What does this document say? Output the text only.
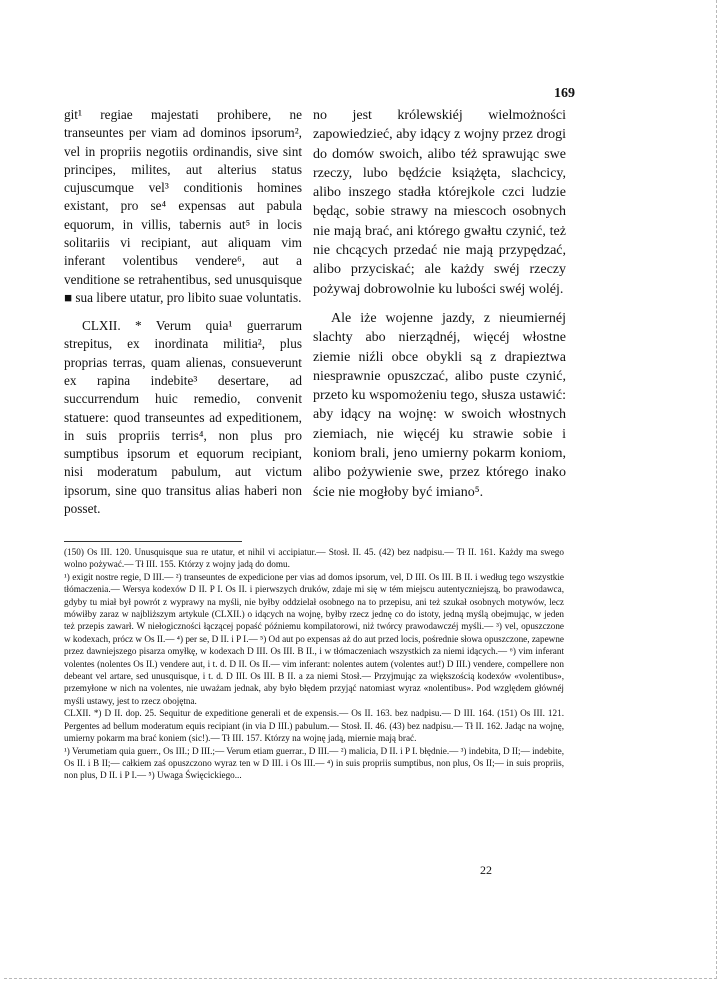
169

git¹ regiae majestati prohibere, ne transeuntes per viam ad dominos ipsorum², vel in propriis negotiis ordinandis, sive sint principes, milites, aut alterius status cujuscumque vel³ conditionis homines existant, pro se⁴ expensas aut pabula equorum, in villis, tabernis aut⁵ in locis solitariis vi recipiant, aut aliquam vim inferant volentibus vendere⁶, aut a venditione se retrahentibus, sed unusquisque ■ sua libere utatur, pro libito suae voluntatis.

CLXII. * Verum quia¹ guerrarum strepitus, ex inordinata militia², plus proprias terras, quam alienas, consueverunt ex rapina indebite³ desertare, ad succurrendum huic remedio, convenit statuere: quod transeuntes ad expeditionem, in suis propriis terris⁴, non plus pro sumptibus ipsorum et equorum recipiant, nisi moderatum pabulum, aut victum ipsorum, sine quo transitus alias haberi non posset.

no jest królewskiéj wielmożności zapowiedzieć, aby idący z wojny przez drogi do domów swoich, alibo téż sprawując swe rzeczy, lubo będźcie książęta, slachcicy, alibo inszego stadła którejkole czci ludzie będąc, sobie strawy na miescoch osobnych nie mają brać, ani którego gwałtu czynić, też nie chcących przedać nie mają przypędzać, alibo przyciskać; ale każdy swéj rzeczy pożywaj dobrowolnie ku lubości swéj woléj.

Ale iże wojenne jazdy, z nieumiernéj slachty abo nierządnéj, więcéj włostne ziemie niźli obce obykli są z drapieztwa niesprawnie opuszczać, alibo puste czynić, przeto ku wspomożeniu tego, słusza ustawić: aby idący na wojnę: w swoich włostnych ziemiach, nie więcéj ku strawie sobie i koniom brali, jeno umierny pokarm koniom, alibo pożywienie swe, przez którego inako ście nie mogłoby być imiano⁵.

(150) Os III. 120. Unusquisque sua re utatur, et nihil vi accipiatur.— Stosł. II. 45. (42) bez nadpisu.— Tł II. 161. Każdy ma swego wolno pożywać.— Tł III. 155. Którzy z wojny jadą do domu.

¹) exigit nostre regie, D III.— ²) transeuntes de expedicione per vias ad domos ipsorum, vel, D III. Os III. B II. i według tego wszystkie tłómaczenia.— Wersya kodexów D II. P I. Os II. i pierwszych druków, zdaje mi się w tém miejscu autentyczniejszą, bo prawodawca, gdyby tu miał był powrót z wyprawy na myśli, nie byłby oddzielał osobnego na to przepisu, ani też szukał osobnych motywów, lecz mówiłby zaraz w najbliższym artykule (CLXII.) o idących na wojnę, byłby rzecz jednę co do istoty, jedną myślą obejmując, w jeden też przepis zawarł. W niełogiczności łączącej popaść późniemu kompilatorowi, niż twórcy prawodawczéj myśli.— ³) vel, opuszczone w kodexach, prócz w Os II.— ⁴) per se, D II. i P I.— ⁵) Od aut po expensas aż do aut przed locis, pośrednie słowa opuszczone, zapewne przez dawniejszego pisarza omyłkę, w kodexach D III. Os III. B II., i w tłómaczeniach wszystkich za niemi idących.— ⁶) vim inferant volentes (nolentes Os II.) vendere aut, i t. d. D II. Os II.— vim inferant: nolentes autem (volentes aut!) D III.) vendere, compellere non debeant vel artare, sed unusquisque, i t. d. D III. Os III. B II. a za niemi Stosł.— Przyjmując za większością kodexów «volentibus», przemyłone w nich na volentes, nie uważam jednak, aby było błędem przyjąć natomiast wyraz «nolentibus». Pod względem głównéj myśli ustawy, jest to rzecz obojętna.

CLXII. *) D II. dop. 25. Sequitur de expeditione generali et de expensis.— Os II. 163. bez nadpisu.— D III. 164. (151) Os III. 121. Pergentes ad bellum moderatum equis recipiant (in via D III.) pabulum.— Stosł. II. 46. (43) bez nadpisu.— Tł II. 162. Jadąc na wojnę, umierny pokarm ma brać koniem (sic!).— Tł III. 157. Którzy na wojnę jadą, miernie mają brać.

¹) Verumetiam quia guerr., Os III.; D III.;— Verum etiam guerrar., D III.— ²) malicia, D II. i P I. błędnie.— ³) indebita, D II;— indebite, Os II. i B II;— całkiem zaś opuszczono wyraz ten w D III. i Os III.— ⁴) in suis propriis sumptibus, non plus, Os II;— in suis propriis, non plus, D II. i P I.— ⁵) Uwaga Święcickiego...

22
